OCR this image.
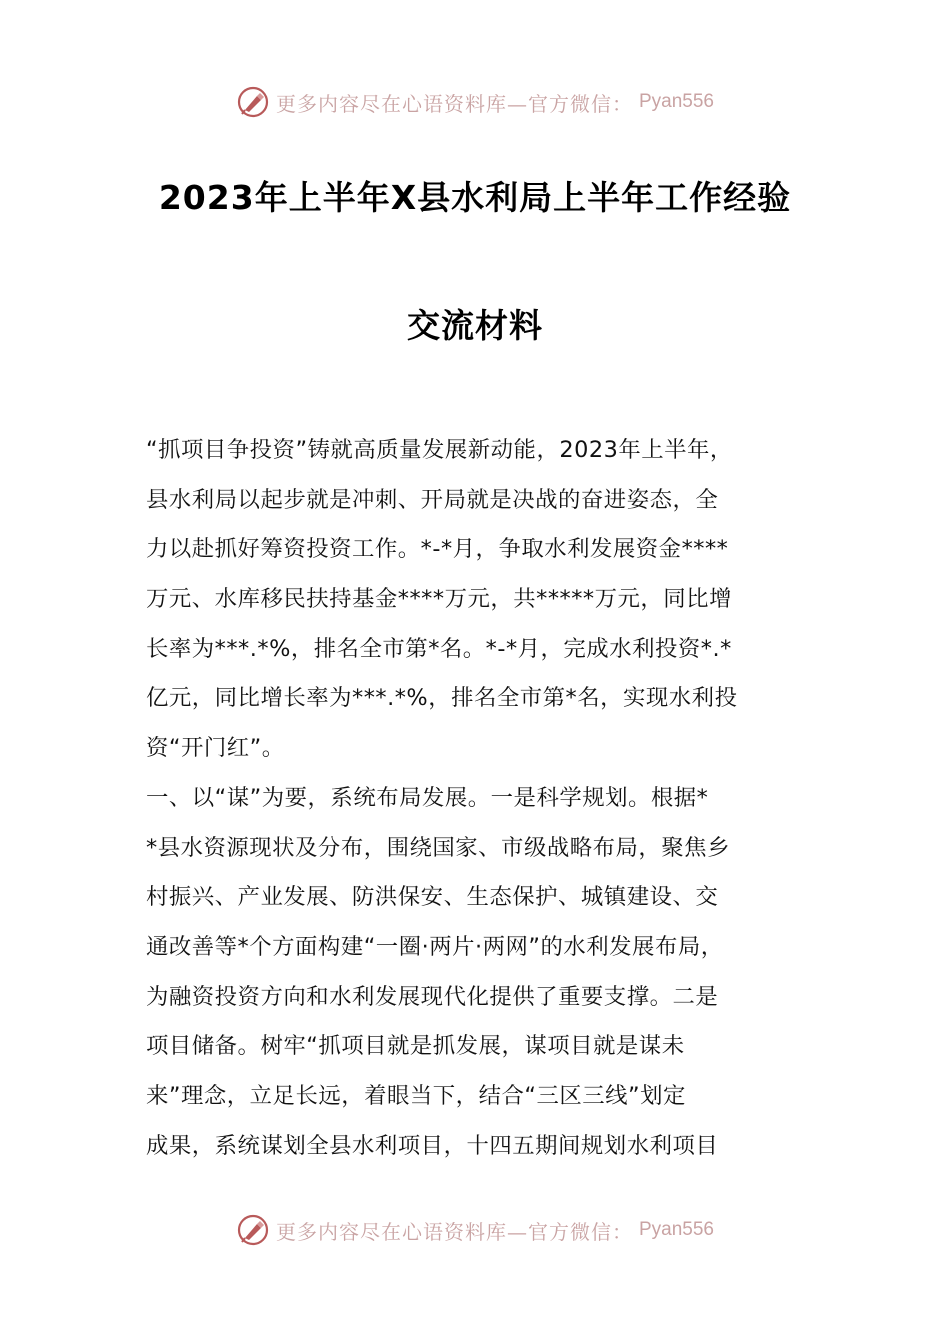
更多内容尽在心语资料库—官方微信： Pyan556
2023年上半年X县水利局上半年工作经验
交流材料
“抓项目争投资”铸就高质量发展新动能，2023年上半年，
县水利局以起步就是冲刺、开局就是决战的奋进姿态，全
力以赴抓好筹资投资工作。*-*月，争取水利发展资金****
万元、水库移民扶持基金****万元，共*****万元，同比增
长率为***.*%，排名全市第*名。*-*月，完成水利投资*.*
亿元，同比增长率为***.*%，排名全市第*名，实现水利投
资“开门红”。
一、以“谋”为要，系统布局发展。一是科学规划。根据*
*县水资源现状及分布，围绕国家、市级战略布局，聚焦乡
村振兴、产业发展、防洪保安、生态保护、城镇建设、交
通改善等*个方面构建“一圈·两片·两网”的水利发展布局，
为融资投资方向和水利发展现代化提供了重要支撑。二是
项目储备。树牢“抓项目就是抓发展，谋项目就是谋未
来”理念，立足长远，着眼当下，结合“三区三线”划定
成果，系统谋划全县水利项目，十四五期间规划水利项目
更多内容尽在心语资料库—官方微信： Pyan556
